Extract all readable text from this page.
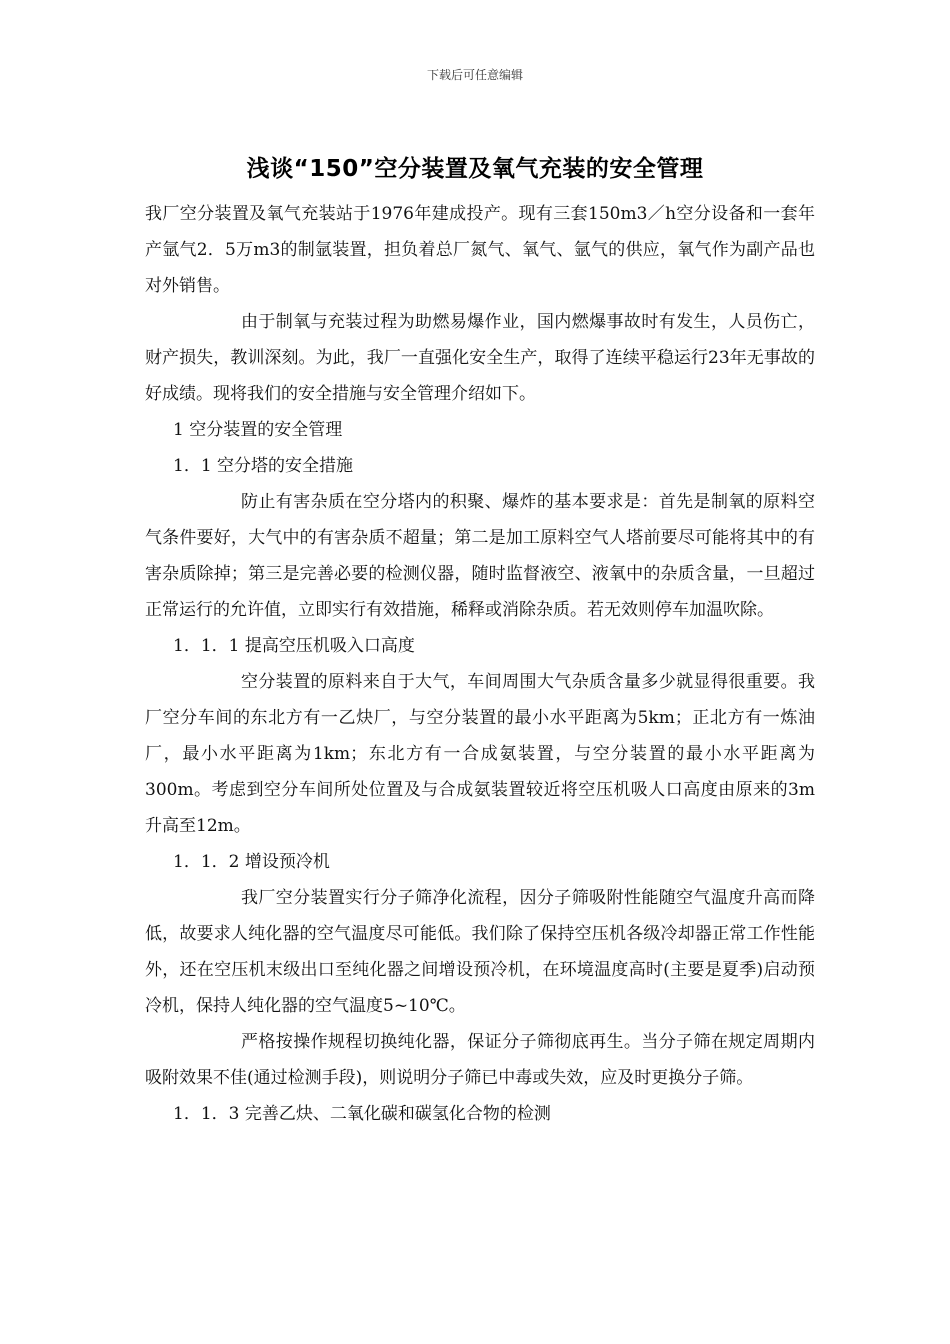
下载后可任意编辑
浅谈“150”空分装置及氧气充装的安全管理

我厂空分装置及氧气充装站于1976年建成投产。现有三套150m3／h空分设备和一套年产氩气2．5万m3的制氩装置，担负着总厂氮气、氧气、氩气的供应，氧气作为副产品也对外销售。

由于制氧与充装过程为助燃易爆作业，国内燃爆事故时有发生，人员伤亡，财产损失，教训深刻。为此，我厂一直强化安全生产，取得了连续平稳运行23年无事故的好成绩。现将我们的安全措施与安全管理介绍如下。

1 空分装置的安全管理

1．1 空分塔的安全措施

防止有害杂质在空分塔内的积聚、爆炸的基本要求是：首先是制氧的原料空气条件要好，大气中的有害杂质不超量；第二是加工原料空气人塔前要尽可能将其中的有害杂质除掉；第三是完善必要的检测仪器，随时监督液空、液氧中的杂质含量，一旦超过正常运行的允许值，立即实行有效措施，稀释或消除杂质。若无效则停车加温吹除。

1．1．1 提高空压机吸入口高度

空分装置的原料来自于大气，车间周围大气杂质含量多少就显得很重要。我厂空分车间的东北方有一乙炔厂，与空分装置的最小水平距离为5km；正北方有一炼油厂，最小水平距离为1km；东北方有一合成氨装置，与空分装置的最小水平距离为300m。考虑到空分车间所处位置及与合成氨装置较近将空压机吸人口高度由原来的3m升高至12m。

1．1．2 增设预冷机

我厂空分装置实行分子筛净化流程，因分子筛吸附性能随空气温度升高而降低，故要求人纯化器的空气温度尽可能低。我们除了保持空压机各级冷却器正常工作性能外，还在空压机末级出口至纯化器之间增设预冷机，在环境温度高时(主要是夏季)启动预冷机，保持人纯化器的空气温度5~10℃。

严格按操作规程切换纯化器，保证分子筛彻底再生。当分子筛在规定周期内吸附效果不佳(通过检测手段)，则说明分子筛已中毒或失效，应及时更换分子筛。

1．1．3 完善乙炔、二氧化碳和碳氢化合物的检测
